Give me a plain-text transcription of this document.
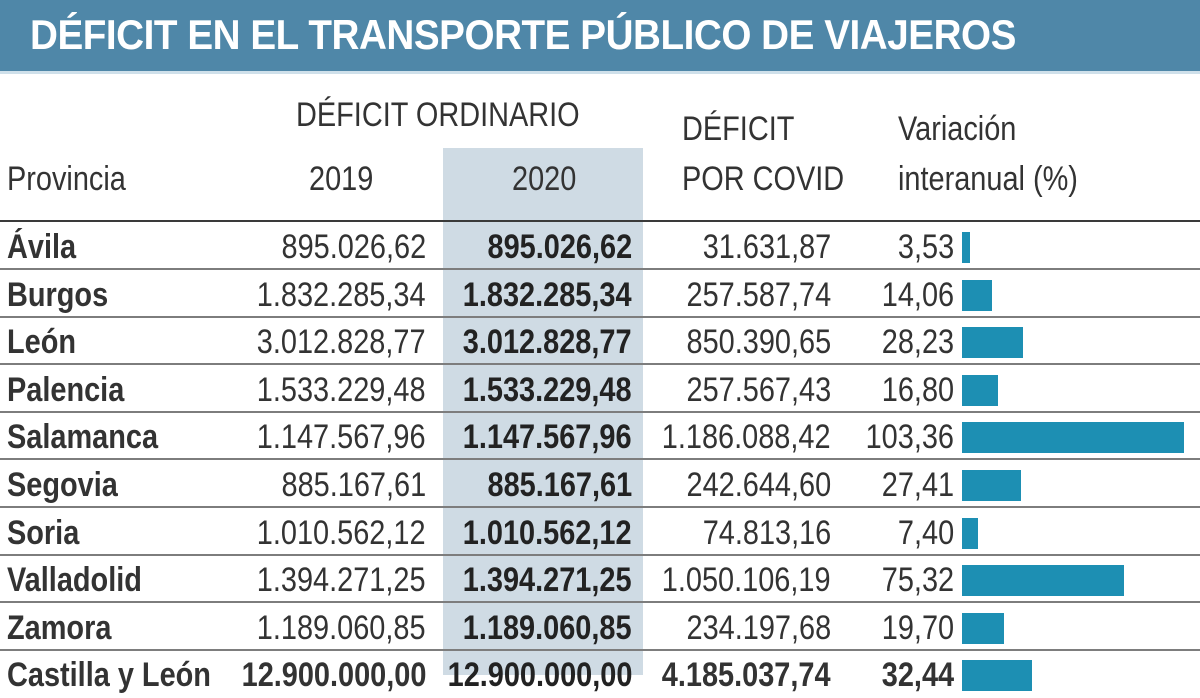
DÉFICIT EN EL TRANSPORTE PÚBLICO DE VIAJEROS
DÉFICIT ORDINARIO
Provincia	2019	2020
DÉFICIT
POR COVID
Variación
interanual (%)
Ávila	895.026,62 895.026,62 31.631,87 3,53
Burgos	1.832.285,34 1.832.285,34 257.587,74 14,06
León	3.012.828,77 3.012.828,77 850.390,65 28,23
Palencia	1.533.229,48 1.533.229,48 257.567,43 16,80
Salamanca	1.147.567,96 1.147.567,96 1.186.088,42 103,36
Segovia	885.167,61 885.167,61 242.644,60 27,41
Soria	1.010.562,12 1.010.562,12 74.813,16 7,40
Valladolid	1.394.271,25 1.394.271,25 1.050.106,19 75,32
Zamora	1.189.060,85 1.189.060,85 234.197,68 19,70
Castilla y León 12.900.000,00 12.900.000,00 4.185.037,74 32,44
